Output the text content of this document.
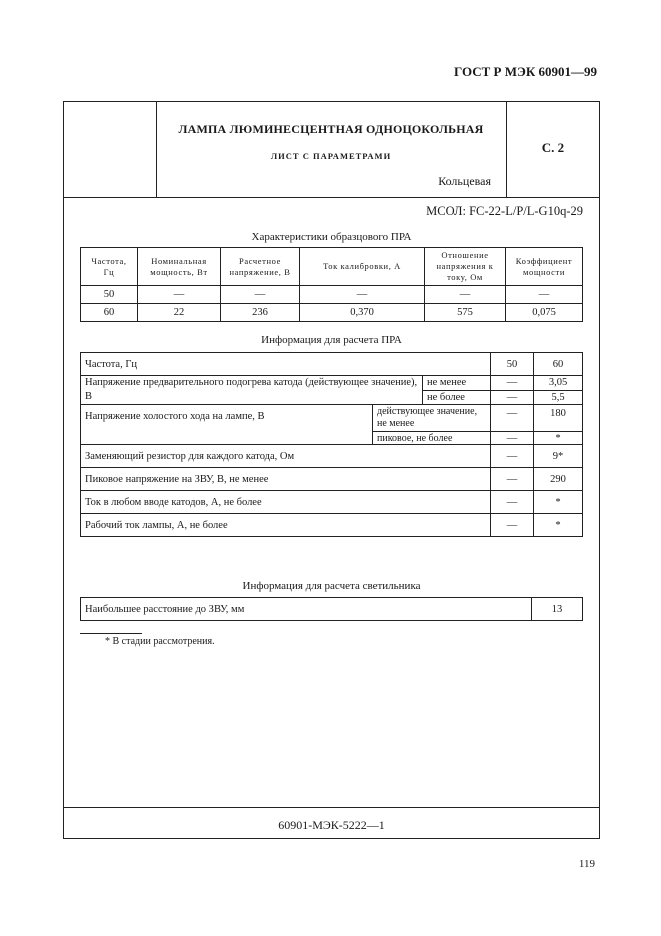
ГОСТ Р МЭК 60901—99
ЛАМПА ЛЮМИНЕСЦЕНТНАЯ ОДНОЦОКОЛЬНАЯ
ЛИСТ С ПАРАМЕТРАМИ
Кольцевая
С. 2
МСОЛ: FC-22-L/P/L-G10q-29
Характеристики образцового ПРА
Частота, Гц	Номинальная мощность, Вт	Расчетное напряжение, В	Ток калибровки, А	Отношение напряжения к току, Ом	Коэффициент мощности
50	—	—	—	—	—
60	22	236	0,370	575	0,075
Информация для расчета ПРА
Частота, Гц			50	60
Напряжение предварительного подогрева катода (действующее значение), В		не менее	—	3,05
		не более	—	5,5
Напряжение холостого хода на лампе, В	действующее значение, не менее		—	180
	пиковое, не более		—	*
Заменяющий резистор для каждого катода, Ом			—	9*
Пиковое напряжение на ЗВУ, В, не менее			—	290
Ток в любом вводе катодов, А, не более			—	*
Рабочий ток лампы, А, не более			—	*
Информация для расчета светильника
Наибольшее расстояние до ЗВУ, мм	13
* В стадии рассмотрения.
60901-МЭК-5222—1
119
